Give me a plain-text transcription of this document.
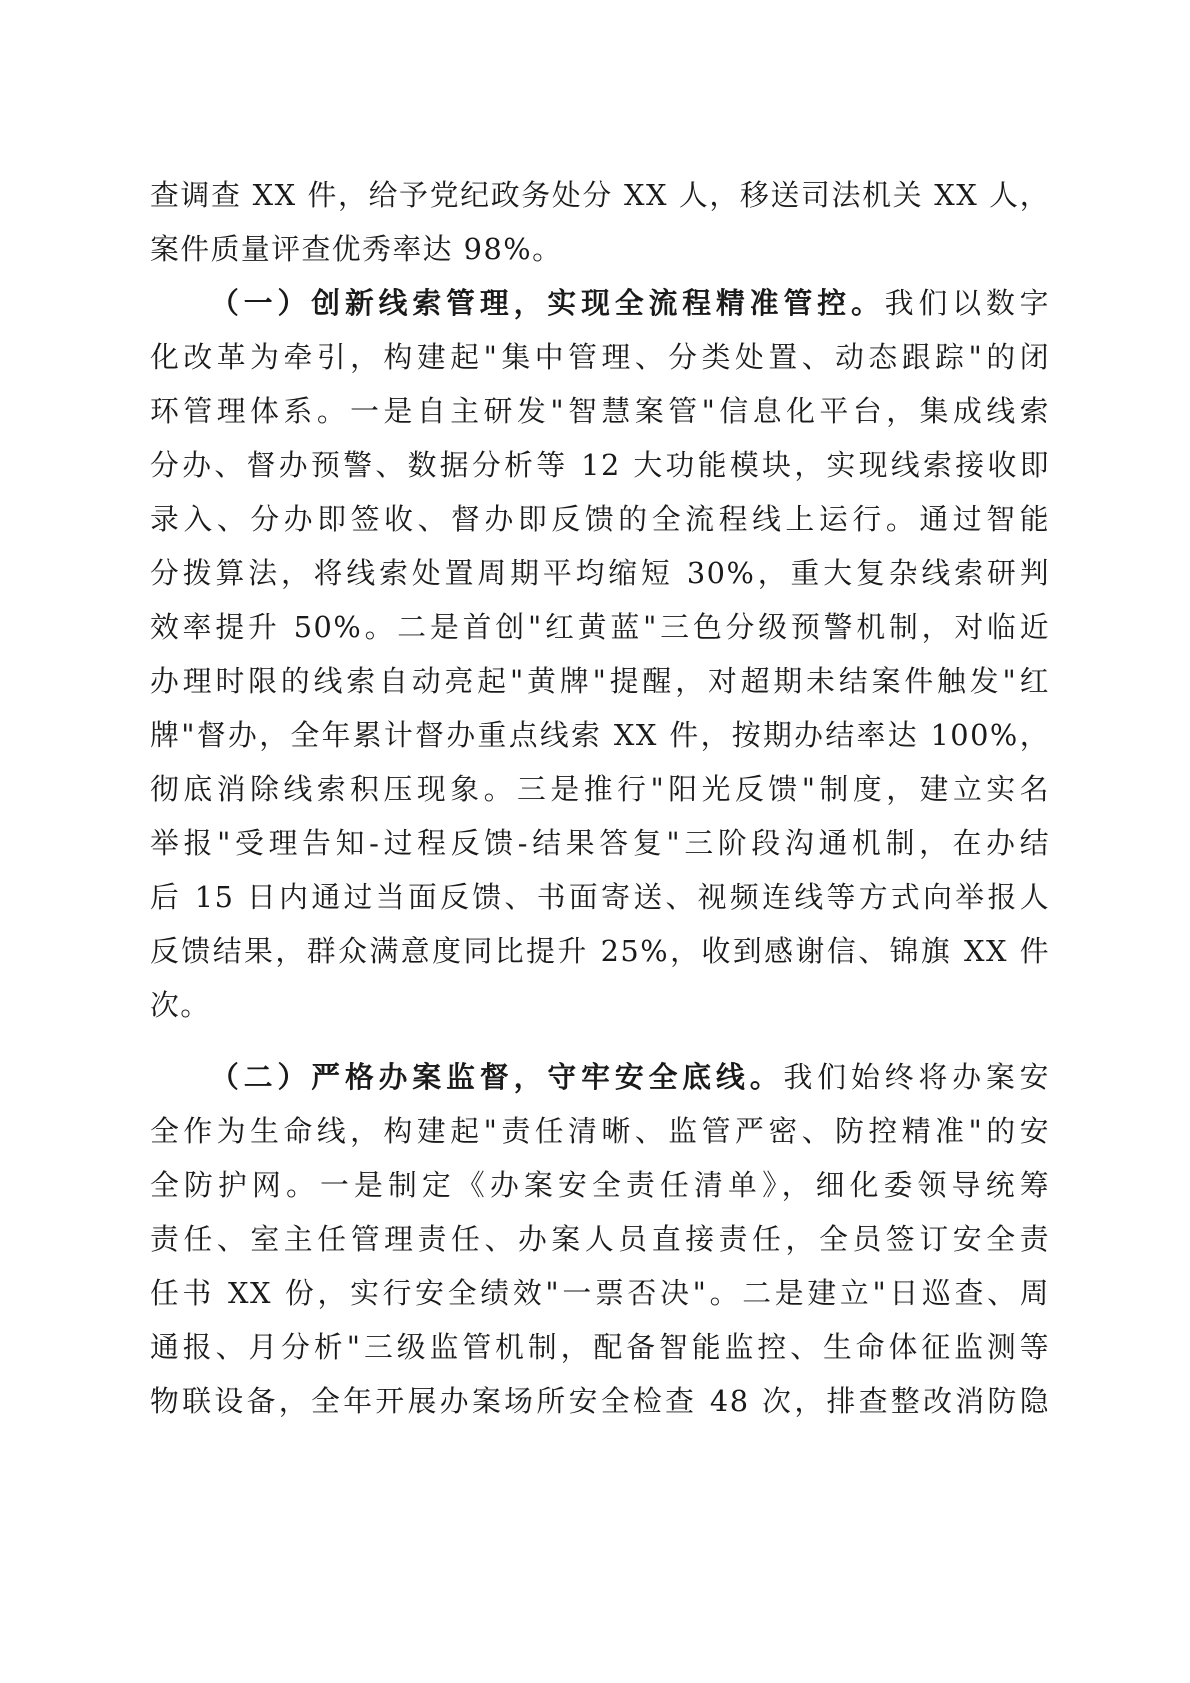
查调查 XX 件，给予党纪政务处分 XX 人，移送司法机关 XX 人，
案件质量评查优秀率达 98%。
（一）创新线索管理，实现全流程精准管控。我们以数字
化改革为牵引，构建起"集中管理、分类处置、动态跟踪"的闭
环管理体系。一是自主研发"智慧案管"信息化平台，集成线索
分办、督办预警、数据分析等 12 大功能模块，实现线索接收即
录入、分办即签收、督办即反馈的全流程线上运行。通过智能
分拨算法，将线索处置周期平均缩短 30%，重大复杂线索研判
效率提升 50%。二是首创"红黄蓝"三色分级预警机制，对临近
办理时限的线索自动亮起"黄牌"提醒，对超期未结案件触发"红
牌"督办，全年累计督办重点线索 XX 件，按期办结率达 100%，
彻底消除线索积压现象。三是推行"阳光反馈"制度，建立实名
举报"受理告知-过程反馈-结果答复"三阶段沟通机制，在办结
后 15 日内通过当面反馈、书面寄送、视频连线等方式向举报人
反馈结果，群众满意度同比提升 25%，收到感谢信、锦旗 XX 件
次。
（二）严格办案监督，守牢安全底线。我们始终将办案安
全作为生命线，构建起"责任清晰、监管严密、防控精准"的安
全防护网。一是制定《办案安全责任清单》，细化委领导统筹
责任、室主任管理责任、办案人员直接责任，全员签订安全责
任书 XX 份，实行安全绩效"一票否决"。二是建立"日巡查、周
通报、月分析"三级监管机制，配备智能监控、生命体征监测等
物联设备，全年开展办案场所安全检查 48 次，排查整改消防隐
